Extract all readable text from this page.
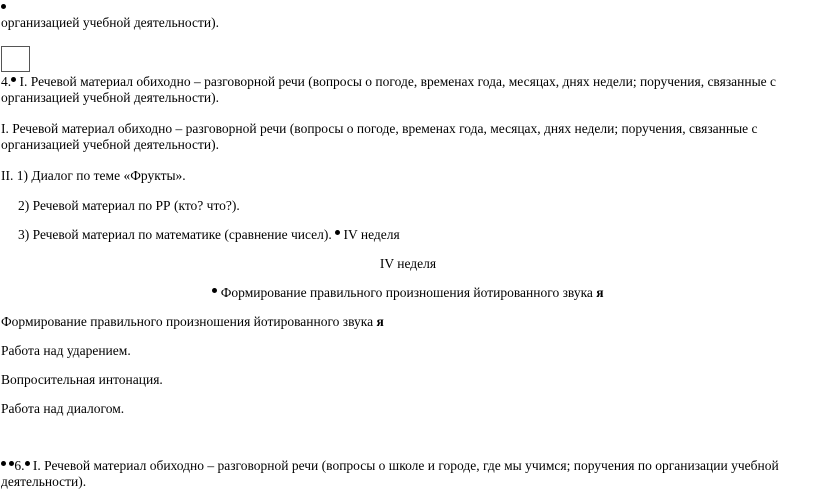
организацией учебной деятельности).
4. I. Речевой материал обиходно – разговорной речи (вопросы о погоде, временах года, месяцах, днях недели; поручения, связанные с организацией учебной деятельности).
I. Речевой материал обиходно – разговорной речи (вопросы о погоде, временах года, месяцах, днях недели; поручения, связанные с организацией учебной деятельности).
II. 1) Диалог по теме «Фрукты».
2) Речевой материал по РР (кто? что?).
3) Речевой материал по математике (сравнение чисел). IV неделя
IV неделя
Формирование правильного произношения йотированного звука я
Формирование правильного произношения йотированного звука я
Работа над ударением.
Вопросительная интонация.
Работа над диалогом.
6. I. Речевой материал обиходно – разговорной речи (вопросы о школе и городе, где мы учимся; поручения по организации учебной деятельности).
